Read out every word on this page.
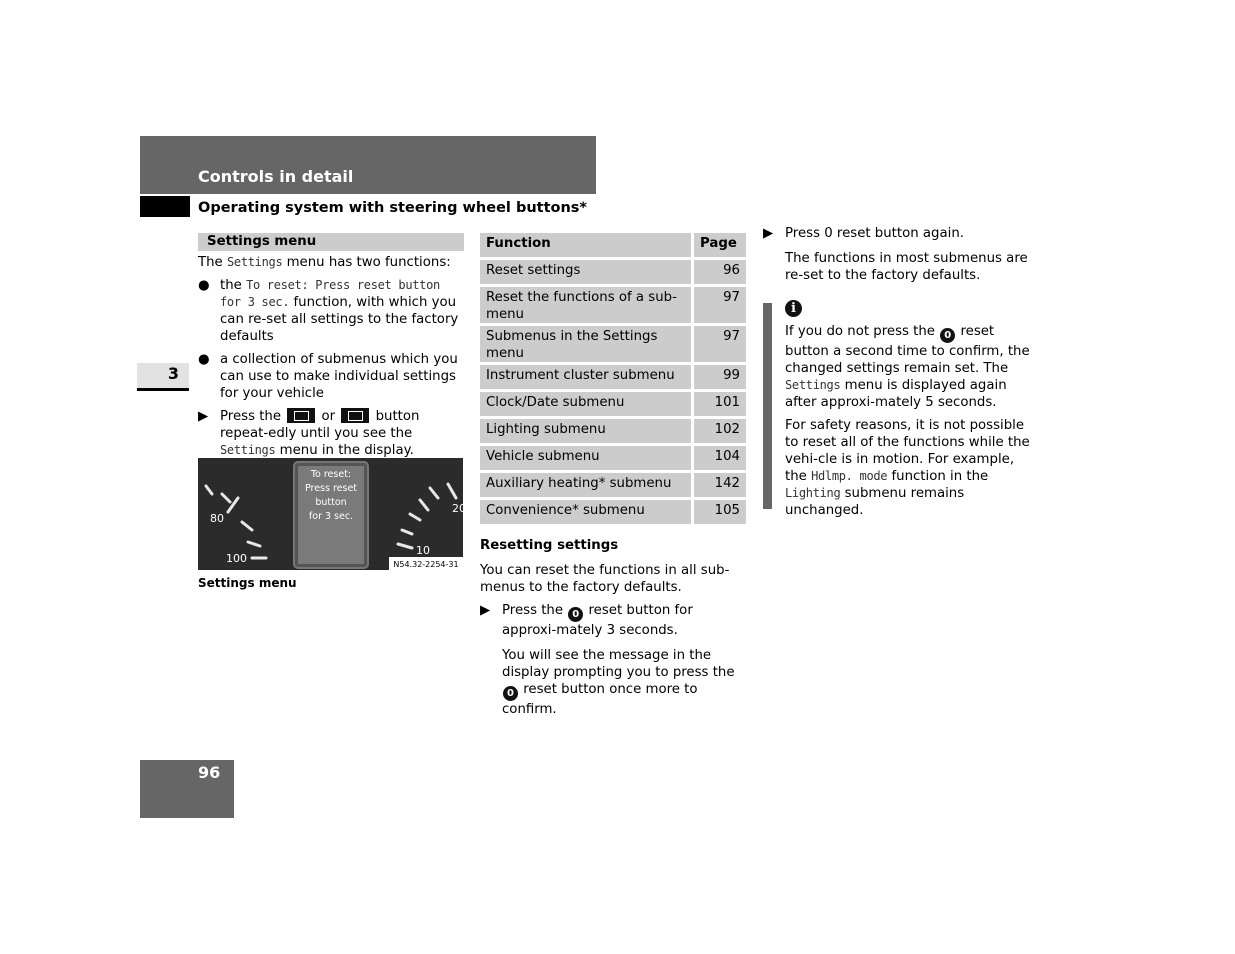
Controls in detail
Operating system with steering wheel buttons*
3
96
Settings menu

The Settings menu has two functions:

● the To reset: Press reset button for 3 sec. function, with which you can re-set all settings to the factory defaults
● a collection of submenus which you can use to make individual settings for your vehicle
▶ Press the  or  button repeat-edly until you see the Settings menu in the display.
80
100
To reset:
Press reset
button
for 3 sec.
20
10
N54.32-2254-31
Settings menu
Function	Page
Reset settings	96
Reset the functions of a sub-menu	97
Submenus in the Settings menu	97
Instrument cluster submenu	99
Clock/Date submenu	101
Lighting submenu	102
Vehicle submenu	104
Auxiliary heating* submenu	142
Convenience* submenu	105
Resetting settings

You can reset the functions in all sub-menus to the factory defaults.

▶ Press the 0 reset button for approxi-mately 3 seconds.
You will see the message in the display prompting you to press the 0 reset button once more to confirm.
▶ Press 0 reset button again.
The functions in most submenus are re-set to the factory defaults.
i

If you do not press the 0 reset button a second time to confirm, the changed settings remain set. The Settings menu is displayed again after approxi-mately 5 seconds.

For safety reasons, it is not possible to reset all of the functions while the vehi-cle is in motion. For example, the Hdlmp. mode function in the Lighting submenu remains unchanged.
